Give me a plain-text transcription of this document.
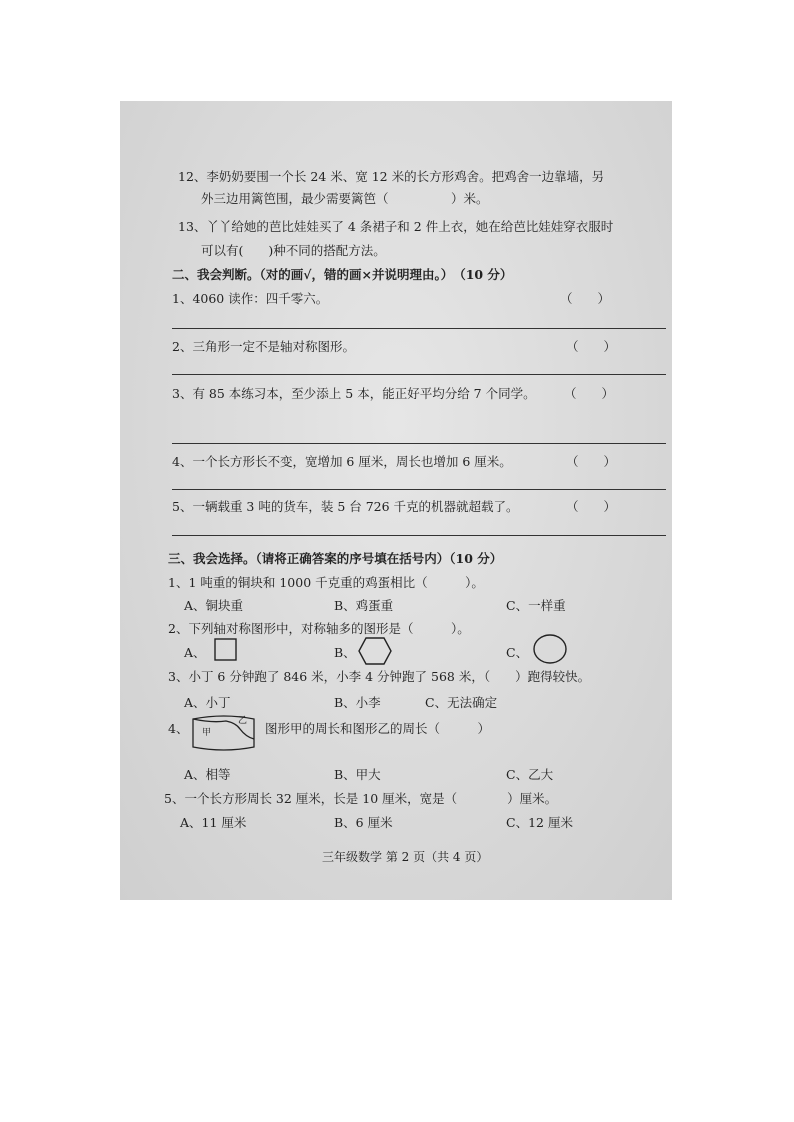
12、李奶奶要围一个长 24 米、宽 12 米的长方形鸡舍。把鸡舍一边靠墙，另
外三边用篱笆围，最少需要篱笆（　　　　　）米。
13、丫丫给她的芭比娃娃买了 4 条裙子和 2 件上衣，她在给芭比娃娃穿衣服时
可以有(　　)种不同的搭配方法。
二、我会判断。（对的画√，错的画×并说明理由。）　（10 分）
1、4060 读作：四千零六。	（　　）
2、三角形一定不是轴对称图形。	（　　）
3、有 85 本练习本，至少添上 5 本，能正好平均分给 7 个同学。 （　　）
4、一个长方形长不变，宽增加 6 厘米，周长也增加 6 厘米。	（　　）
5、一辆载重 3 吨的货车，装 5 台 726 千克的机器就超载了。	（　　）
三、我会选择。（请将正确答案的序号填在括号内）（10 分）
1、1 吨重的铜块和 1000 千克重的鸡蛋相比（　　　）。
A、铜块重	B、鸡蛋重	C、一样重
2、下列轴对称图形中，对称轴多的图形是（　　　）。
A、	B、	C、
3、小丁 6 分钟跑了 846 米，小李 4 分钟跑了 568 米，（　　）跑得较快。
A、小丁	B、小李	C、无法确定
4、 甲
乙 图形甲的周长和图形乙的周长（　　　）
A、相等	B、甲大	C、乙大
5、一个长方形周长 32 厘米，长是 10 厘米，宽是（　　　　）厘米。
A、11 厘米	B、6 厘米	C、12 厘米
三年级数学 第 2 页（共 4 页）
